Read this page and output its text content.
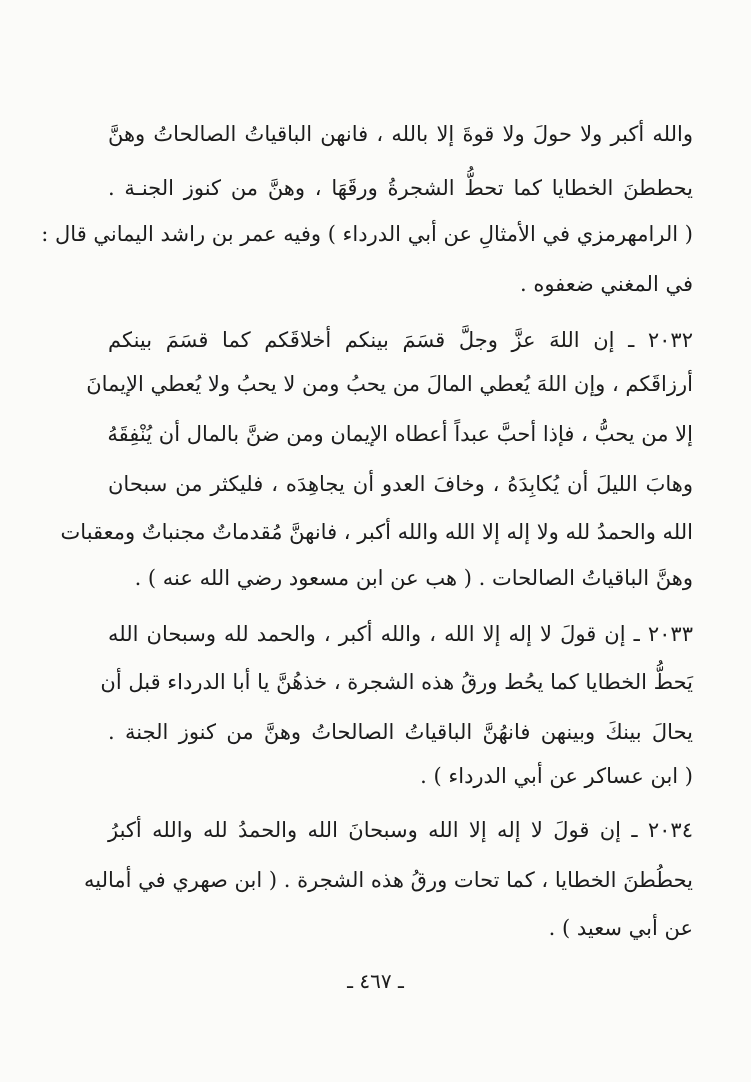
والله أكبر ولا حولَ ولا قوةَ إلا بالله ، فانهن الباقياتُ الصالحاتُ وهنَّ
يحططنَ الخطايا كما تحطُّ الشجرةُ ورقَهَا ، وهنَّ من كنوز الجنـة .
( الرامهرمزي في الأمثالِ عن أبي الدرداء ) وفيه عمر بن راشد اليماني قال :
في المغني ضعفوه .
٢٠٣٢ ـ إن اللهَ عزَّ وجلَّ قسَمَ بينكم أخلاقَكم كما قسَمَ بينكم
أرزاقَكم ، وإن اللهَ يُعطي المالَ من يحبُ ومن لا يحبُ ولا يُعطي الإيمانَ
إلا من يحبُّ ، فإذا أحبَّ عبداً أعطاه الإيمان ومن ضنَّ بالمال أن يُنْفِقَهُ
وهابَ الليلَ أن يُكابِدَهُ ، وخافَ العدو أن يجاهِدَه ، فليكثر من سبحان
الله والحمدُ لله ولا إله إلا الله والله أكبر ، فانهنَّ مُقدماتٌ مجنباتٌ ومعقبات
وهنَّ الباقياتُ الصالحات . ( هب عن ابن مسعود رضي الله عنه ) .
٢٠٣٣ ـ إن قولَ لا إله إلا الله ، والله أكبر ، والحمد لله وسبحان الله
يَحطُّ الخطايا كما يحُط ورقُ هذه الشجرة ، خذهُنَّ يا أبا الدرداء قبل أن
يحالَ بينكَ وبينهن فانهُنَّ الباقياتُ الصالحاتُ وهنَّ من كنوز الجنة .
( ابن عساكر عن أبي الدرداء ) .
٢٠٣٤ ـ إن قولَ لا إله إلا الله وسبحانَ الله والحمدُ لله والله أكبرُ
يحطُطنَ الخطايا ، كما تحات ورقُ هذه الشجرة . ( ابن صهري في أماليه
عن أبي سعيد ) .
ـ ٤٦٧ ـ
